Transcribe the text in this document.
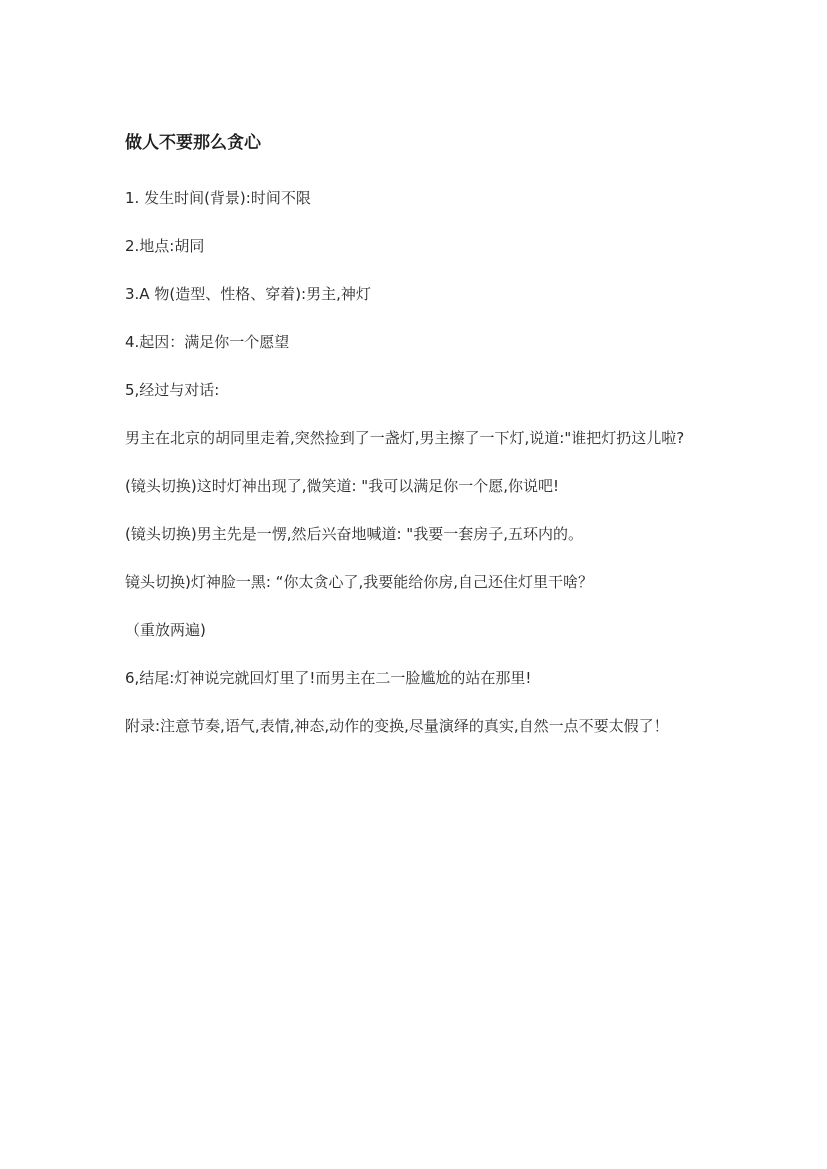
做人不要那么贪心

1. 发生时间(背景):时间不限

2.地点:胡同

3.A 物(造型、性格、穿着):男主,神灯

4.起因：满足你一个愿望

5,经过与对话:

男主在北京的胡同里走着,突然捡到了一盏灯,男主擦了一下灯,说道:"谁把灯扔这儿啦?

(镜头切换)这时灯神出现了,微笑道: "我可以满足你一个愿,你说吧!

(镜头切换)男主先是一愣,然后兴奋地喊道: "我要一套房子,五环内的。

镜头切换)灯神脸一黑: “你太贪心了,我要能给你房,自己还住灯里干啥？

（重放两遍)

6,结尾:灯神说完就回灯里了!而男主在二一脸尴尬的站在那里!

附录:注意节奏,语气,表情,神态,动作的变换,尽量演绎的真实,自然一点不要太假了！
